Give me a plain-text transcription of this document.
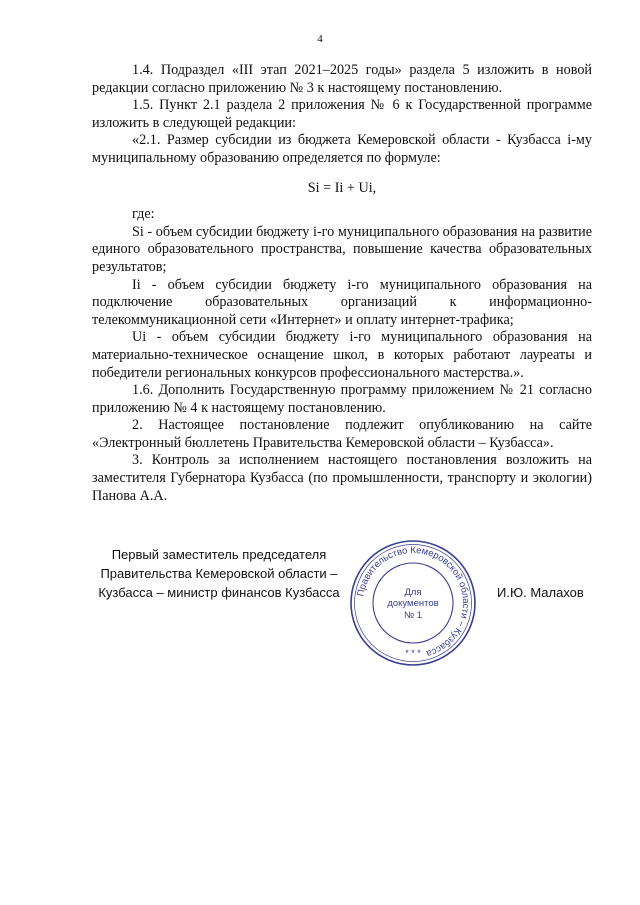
4

1.4. Подраздел «III этап 2021–2025 годы» раздела 5 изложить в новой редакции согласно приложению № 3 к настоящему постановлению.

1.5. Пункт 2.1 раздела 2 приложения № 6 к Государственной программе изложить в следующей редакции:

«2.1. Размер субсидии из бюджета Кемеровской области - Кузбасса i-му муниципальному образованию определяется по формуле:

Si = Ii + Ui,

где:

Si - объем субсидии бюджету i-го муниципального образования на развитие единого образовательного пространства, повышение качества образовательных результатов;

Ii - объем субсидии бюджету i-го муниципального образования на подключение образовательных организаций к информационно-телекоммуникационной сети «Интернет» и оплату интернет-трафика;

Ui - объем субсидии бюджету i-го муниципального образования на материально-техническое оснащение школ, в которых работают лауреаты и победители региональных конкурсов профессионального мастерства.».

1.6. Дополнить Государственную программу приложением № 21 согласно приложению № 4 к настоящему постановлению.

2. Настоящее постановление подлежит опубликованию на сайте «Электронный бюллетень Правительства Кемеровской области – Кузбасса».

3. Контроль за исполнением настоящего постановления возложить на заместителя Губернатора Кузбасса (по промышленности, транспорту и экологии) Панова А.А.

Первый заместитель председателя
Правительства Кемеровской области –
Кузбасса – министр финансов Кузбасса	И.Ю. Малахов
Правительство Кемеровской области – Кузбасса
* * *
Для
документов
№ 1
